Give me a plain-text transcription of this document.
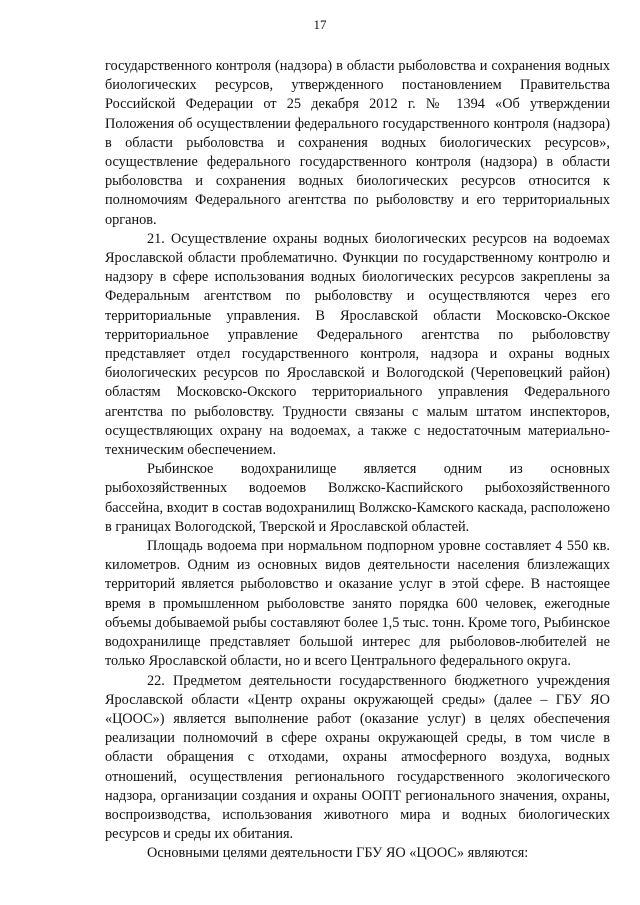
17

государственного контроля (надзора) в области рыболовства и сохранения водных биологических ресурсов, утвержденного постановлением Правительства Российской Федерации от 25 декабря 2012 г. № 1394 «Об утверждении Положения об осуществлении федерального государственного контроля (надзора) в области рыболовства и сохранения водных биологических ресурсов», осуществление федерального государственного контроля (надзора) в области рыболовства и сохранения водных биологических ресурсов относится к полномочиям Федерального агентства по рыболовству и его территориальных органов.

21. Осуществление охраны водных биологических ресурсов на водоемах Ярославской области проблематично. Функции по государственному контролю и надзору в сфере использования водных биологических ресурсов закреплены за Федеральным агентством по рыболовству и осуществляются через его территориальные управления. В Ярославской области Московско-Окское территориальное управление Федерального агентства по рыболовству представляет отдел государственного контроля, надзора и охраны водных биологических ресурсов по Ярославской и Вологодской (Череповецкий район) областям Московско-Окского территориального управления Федерального агентства по рыболовству. Трудности связаны с малым штатом инспекторов, осуществляющих охрану на водоемах, а также с недостаточным материально-техническим обеспечением.

Рыбинское водохранилище является одним из основных рыбохозяйственных водоемов Волжско-Каспийского рыбохозяйственного бассейна, входит в состав водохранилищ Волжско-Камского каскада, расположено в границах Вологодской, Тверской и Ярославской областей.

Площадь водоема при нормальном подпорном уровне составляет 4 550 кв. километров. Одним из основных видов деятельности населения близлежащих территорий является рыболовство и оказание услуг в этой сфере. В настоящее время в промышленном рыболовстве занято порядка 600 человек, ежегодные объемы добываемой рыбы составляют более 1,5 тыс. тонн. Кроме того, Рыбинское водохранилище представляет большой интерес для рыболовов-любителей не только Ярославской области, но и всего Центрального федерального округа.

22. Предметом деятельности государственного бюджетного учреждения Ярославской области «Центр охраны окружающей среды» (далее – ГБУ ЯО «ЦООС») является выполнение работ (оказание услуг) в целях обеспечения реализации полномочий в сфере охраны окружающей среды, в том числе в области обращения с отходами, охраны атмосферного воздуха, водных отношений, осуществления регионального государственного экологического надзора, организации создания и охраны ООПТ регионального значения, охраны, воспроизводства, использования животного мира и водных биологических ресурсов и среды их обитания.

Основными целями деятельности ГБУ ЯО «ЦООС» являются:
